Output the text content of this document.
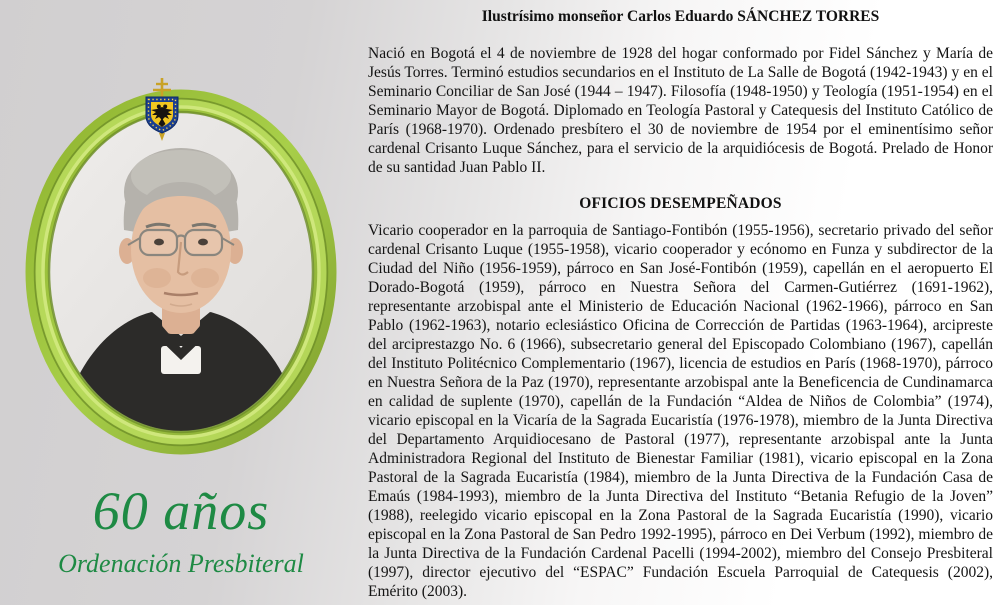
60 años
Ordenación Presbiteral
Ilustrísimo monseñor Carlos Eduardo SÁNCHEZ TORRES
Nació en Bogotá el 4 de noviembre de 1928 del hogar conformado por Fidel Sánchez y María de Jesús Torres. Terminó estudios secundarios en el Instituto de La Salle de Bogotá (1942-1943) y en el Seminario Conciliar de San José (1944 – 1947). Filosofía (1948-1950) y Teología (1951-1954) en el Seminario Mayor de Bogotá. Diplomado en Teología Pastoral y Catequesis del Instituto Católico de París (1968-1970). Ordenado presbítero el 30 de noviembre de 1954 por el eminentísimo señor cardenal Crisanto Luque Sánchez, para el servicio de la arquidiócesis de Bogotá. Prelado de Honor de su santidad Juan Pablo II.
OFICIOS DESEMPEÑADOS
Vicario cooperador en la parroquia de Santiago-Fontibón (1955-1956), secretario privado del señor cardenal Crisanto Luque (1955-1958), vicario cooperador y ecónomo en Funza y subdirector de la Ciudad del Niño (1956-1959), párroco en San José-Fontibón (1959), capellán en el aeropuerto El Dorado-Bogotá (1959), párroco en Nuestra Señora del Carmen-Gutiérrez (1691-1962), representante arzobispal ante el Ministerio de Educación Nacional (1962-1966), párroco en San Pablo (1962-1963), notario eclesiástico Oficina de Corrección de Partidas (1963-1964), arcipreste del arciprestazgo No. 6 (1966), subsecretario general del Episcopado Colombiano (1967), capellán del Instituto Politécnico Complementario (1967), licencia de estudios en París (1968-1970), párroco en Nuestra Señora de la Paz (1970), representante arzobispal ante la Beneficencia de Cundinamarca en calidad de suplente (1970), capellán de la Fundación “Aldea de Niños de Colombia” (1974), vicario episcopal en la Vicaría de la Sagrada Eucaristía (1976-1978), miembro de la Junta Directiva del Departamento Arquidiocesano de Pastoral (1977), representante arzobispal ante la Junta Administradora Regional del Instituto de Bienestar Familiar (1981), vicario episcopal en la Zona Pastoral de la Sagrada Eucaristía (1984), miembro de la Junta Directiva de la Fundación Casa de Emaús (1984-1993), miembro de la Junta Directiva del Instituto “Betania Refugio de la Joven” (1988), reelegido vicario episcopal en la Zona Pastoral de la Sagrada Eucaristía (1990), vicario episcopal en la Zona Pastoral de San Pedro 1992-1995), párroco en Dei Verbum (1992), miembro de la Junta Directiva de la Fundación Cardenal Pacelli (1994-2002), miembro del Consejo Presbiteral (1997), director ejecutivo del “ESPAC” Fundación Escuela Parroquial de Catequesis (2002), Emérito (2003).
